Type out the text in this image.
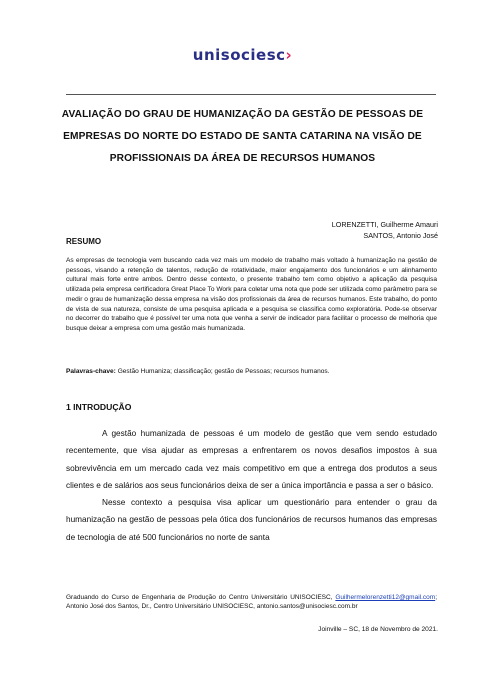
unisociesc›
AVALIAÇÃO DO GRAU DE HUMANIZAÇÃO DA GESTÃO DE PESSOAS DE EMPRESAS DO NORTE DO ESTADO DE SANTA CATARINA NA VISÃO DE PROFISSIONAIS DA ÁREA DE RECURSOS HUMANOS
LORENZETTI, Guilherme Amauri
SANTOS, Antonio José
RESUMO
As empresas de tecnologia vem buscando cada vez mais um modelo de trabalho mais voltado à humanização na gestão de pessoas, visando a retenção de talentos, redução de rotatividade, maior engajamento dos funcionários e um alinhamento cultural mais forte entre ambos. Dentro desse contexto, o presente trabalho tem como objetivo a aplicação da pesquisa utilizada pela empresa certificadora Great Place To Work para coletar uma nota que pode ser utilizada como parâmetro para se medir o grau de humanização dessa empresa na visão dos profissionais da área de recursos humanos. Este trabalho, do ponto de vista de sua natureza, consiste de uma pesquisa aplicada e a pesquisa se classifica como exploratória. Pode-se observar no decorrer do trabalho que é possível ter uma nota que venha a servir de indicador para facilitar o processo de melhoria que busque deixar a empresa com uma gestão mais humanizada.
Palavras-chave: Gestão Humaniza; classificação; gestão de Pessoas; recursos humanos.
1 INTRODUÇÃO

A gestão humanizada de pessoas é um modelo de gestão que vem sendo estudado recentemente, que visa ajudar as empresas a enfrentarem os novos desafios impostos à sua sobrevivência em um mercado cada vez mais competitivo em que a entrega dos produtos a seus clientes e de salários aos seus funcionários deixa de ser a única importância e passa a ser o básico.

Nesse contexto a pesquisa visa aplicar um questionário para entender o grau da humanização na gestão de pessoas pela ótica dos funcionários de recursos humanos das empresas de tecnologia de até 500 funcionários no norte de santa

Graduando do Curso de Engenharia de Produção do Centro Universitário UNISOCIESC, Guilhermelorenzetti12@gmail.com; Antonio José dos Santos, Dr., Centro Universitário UNISOCIESC, antonio.santos@unisociesc.com.br
Joinville – SC, 18 de Novembro de 2021.
